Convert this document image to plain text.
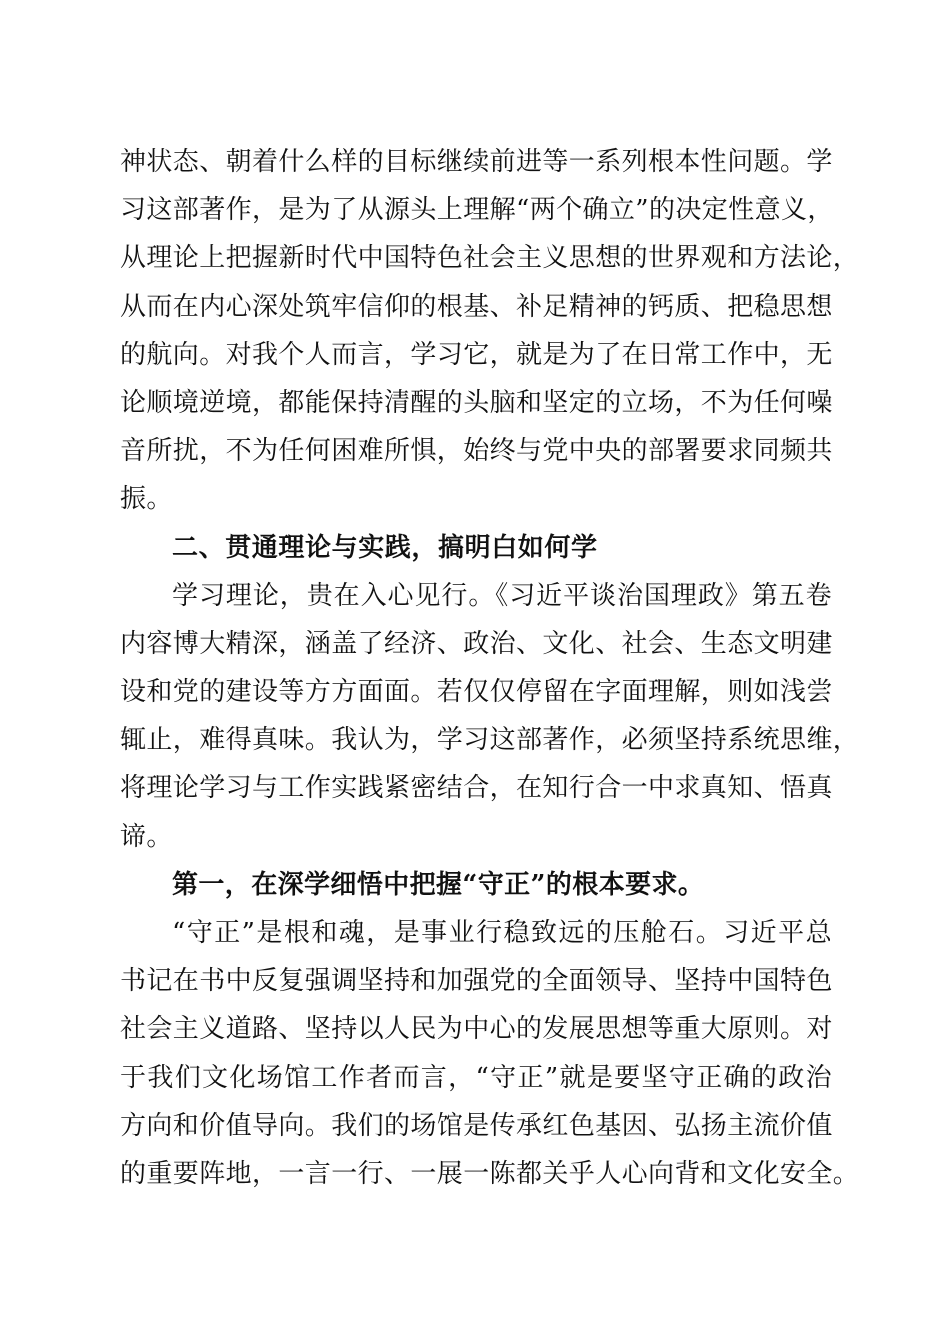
神状态、朝着什么样的目标继续前进等一系列根本性问题。学
习这部著作，是为了从源头上理解“两个确立”的决定性意义，
从理论上把握新时代中国特色社会主义思想的世界观和方法论，
从而在内心深处筑牢信仰的根基、补足精神的钙质、把稳思想
的航向。对我个人而言，学习它，就是为了在日常工作中，无
论顺境逆境，都能保持清醒的头脑和坚定的立场，不为任何噪
音所扰，不为任何困难所惧，始终与党中央的部署要求同频共
振。
二、贯通理论与实践，搞明白如何学
学习理论，贵在入心见行。《习近平谈治国理政》第五卷
内容博大精深，涵盖了经济、政治、文化、社会、生态文明建
设和党的建设等方方面面。若仅仅停留在字面理解，则如浅尝
辄止，难得真味。我认为，学习这部著作，必须坚持系统思维，
将理论学习与工作实践紧密结合，在知行合一中求真知、悟真
谛。
第一，在深学细悟中把握“守正”的根本要求。
“守正”是根和魂，是事业行稳致远的压舱石。习近平总
书记在书中反复强调坚持和加强党的全面领导、坚持中国特色
社会主义道路、坚持以人民为中心的发展思想等重大原则。对
于我们文化场馆工作者而言，“守正”就是要坚守正确的政治
方向和价值导向。我们的场馆是传承红色基因、弘扬主流价值
的重要阵地，一言一行、一展一陈都关乎人心向背和文化安全。
